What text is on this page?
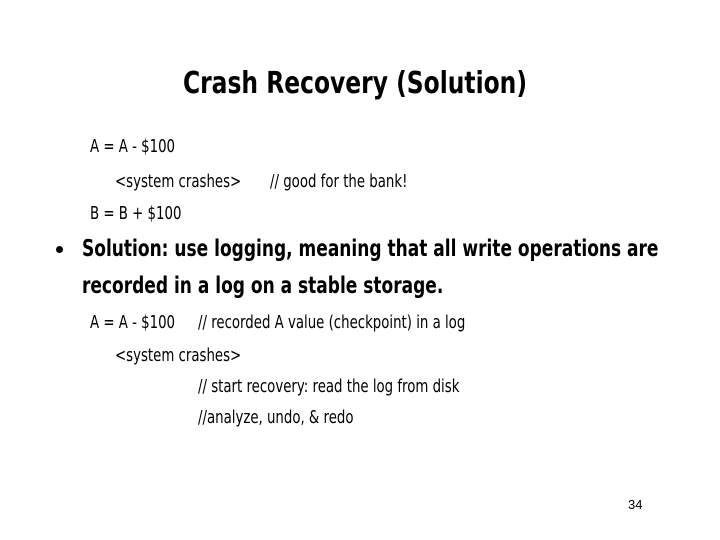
Crash Recovery (Solution)
A = A - $100
<system crashes> // good for the bank!
B = B + $100
Solution: use logging, meaning that all write operations are
recorded in a log on a stable storage.
A = A - $100 // recorded A value (checkpoint) in a log
<system crashes>
// start recovery: read the log from disk
//analyze, undo, & redo
34
